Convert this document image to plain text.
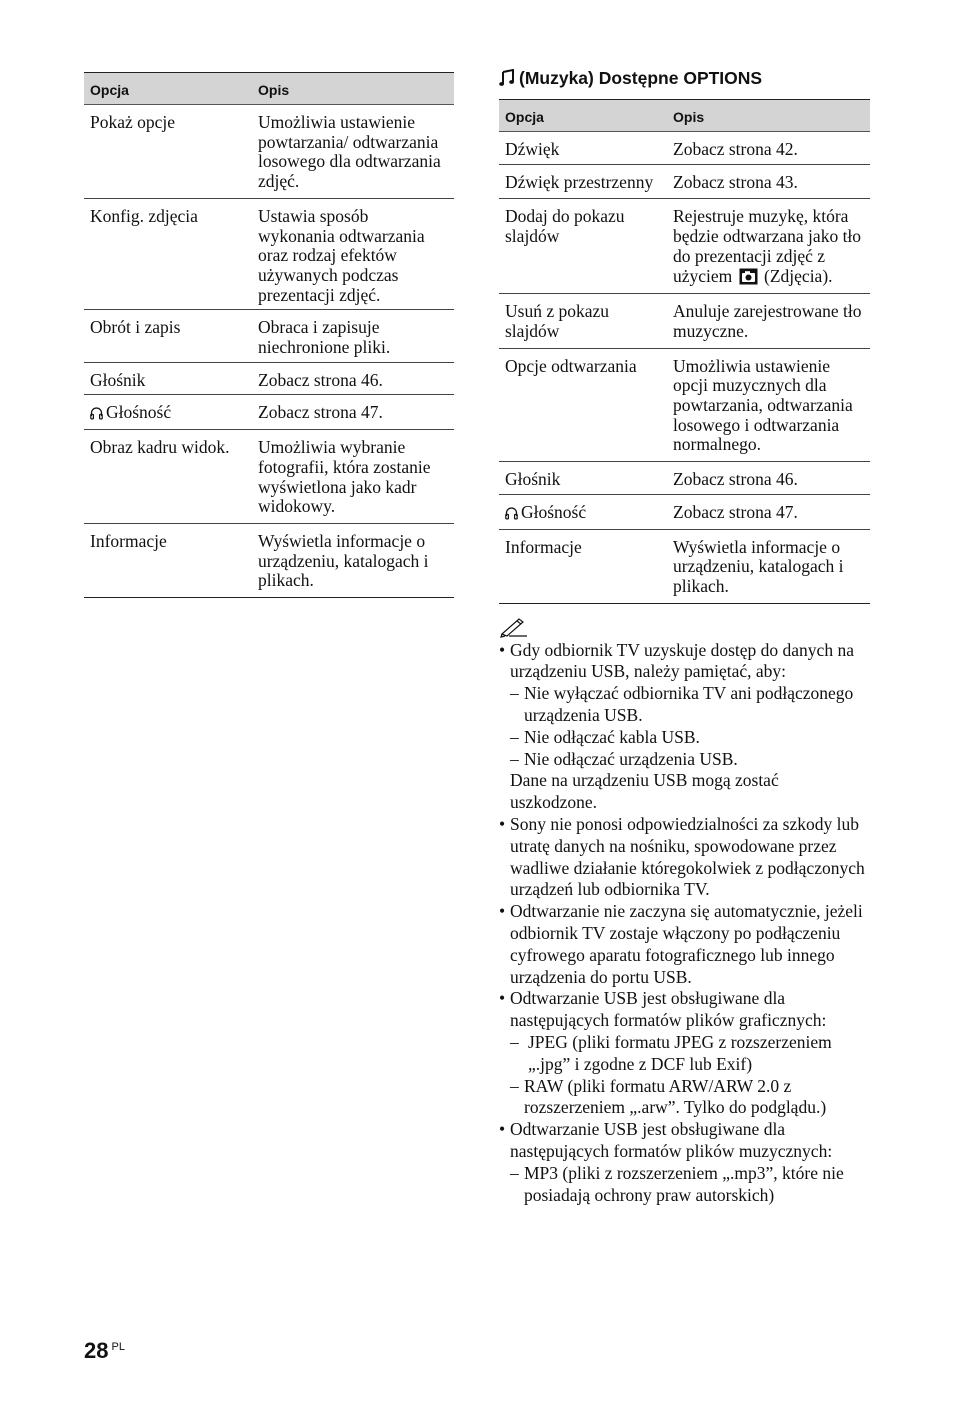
Opcja	Opis
Pokaż opcje	Umożliwia ustawienie powtarzania/ odtwarzania losowego dla odtwarzania zdjęć.
Konfig. zdjęcia	Ustawia sposób wykonania odtwarzania oraz rodzaj efektów używanych podczas prezentacji zdjęć.
Obrót i zapis	Obraca i zapisuje niechronione pliki.
Głośnik	Zobacz strona 46.
Głośność	Zobacz strona 47.
Obraz kadru widok.	Umożliwia wybranie fotografii, która zostanie wyświetlona jako kadr widokowy.
Informacje	Wyświetla informacje o urządzeniu, katalogach i plikach.
(Muzyka) Dostępne OPTIONS
Opcja	Opis
Dźwięk	Zobacz strona 42.
Dźwięk przestrzenny	Zobacz strona 43.
Dodaj do pokazu slajdów	Rejestruje muzykę, która będzie odtwarzana jako tło do prezentacji zdjęć z użyciem (Zdjęcia).
Usuń z pokazu slajdów	Anuluje zarejestrowane tło muzyczne.
Opcje odtwarzania	Umożliwia ustawienie opcji muzycznych dla powtarzania, odtwarzania losowego i odtwarzania normalnego.
Głośnik	Zobacz strona 46.
Głośność	Zobacz strona 47.
Informacje	Wyświetla informacje o urządzeniu, katalogach i plikach.
• Gdy odbiornik TV uzyskuje dostęp do danych na urządzeniu USB, należy pamiętać, aby:
– Nie wyłączać odbiornika TV ani podłączonego urządzenia USB.
– Nie odłączać kabla USB.
– Nie odłączać urządzenia USB.
Dane na urządzeniu USB mogą zostać uszkodzone.
• Sony nie ponosi odpowiedzialności za szkody lub utratę danych na nośniku, spowodowane przez wadliwe działanie któregokolwiek z podłączonych urządzeń lub odbiornika TV.
• Odtwarzanie nie zaczyna się automatycznie, jeżeli odbiornik TV zostaje włączony po podłączeniu cyfrowego aparatu fotograficznego lub innego urządzenia do portu USB.
• Odtwarzanie USB jest obsługiwane dla następujących formatów plików graficznych:
– JPEG (pliki formatu JPEG z rozszerzeniem „.jpg” i zgodne z DCF lub Exif)
– RAW (pliki formatu ARW/ARW 2.0 z rozszerzeniem „.arw”. Tylko do podglądu.)
• Odtwarzanie USB jest obsługiwane dla następujących formatów plików muzycznych:
– MP3 (pliki z rozszerzeniem „.mp3”, które nie posiadają ochrony praw autorskich)
28 $^{PL}$
